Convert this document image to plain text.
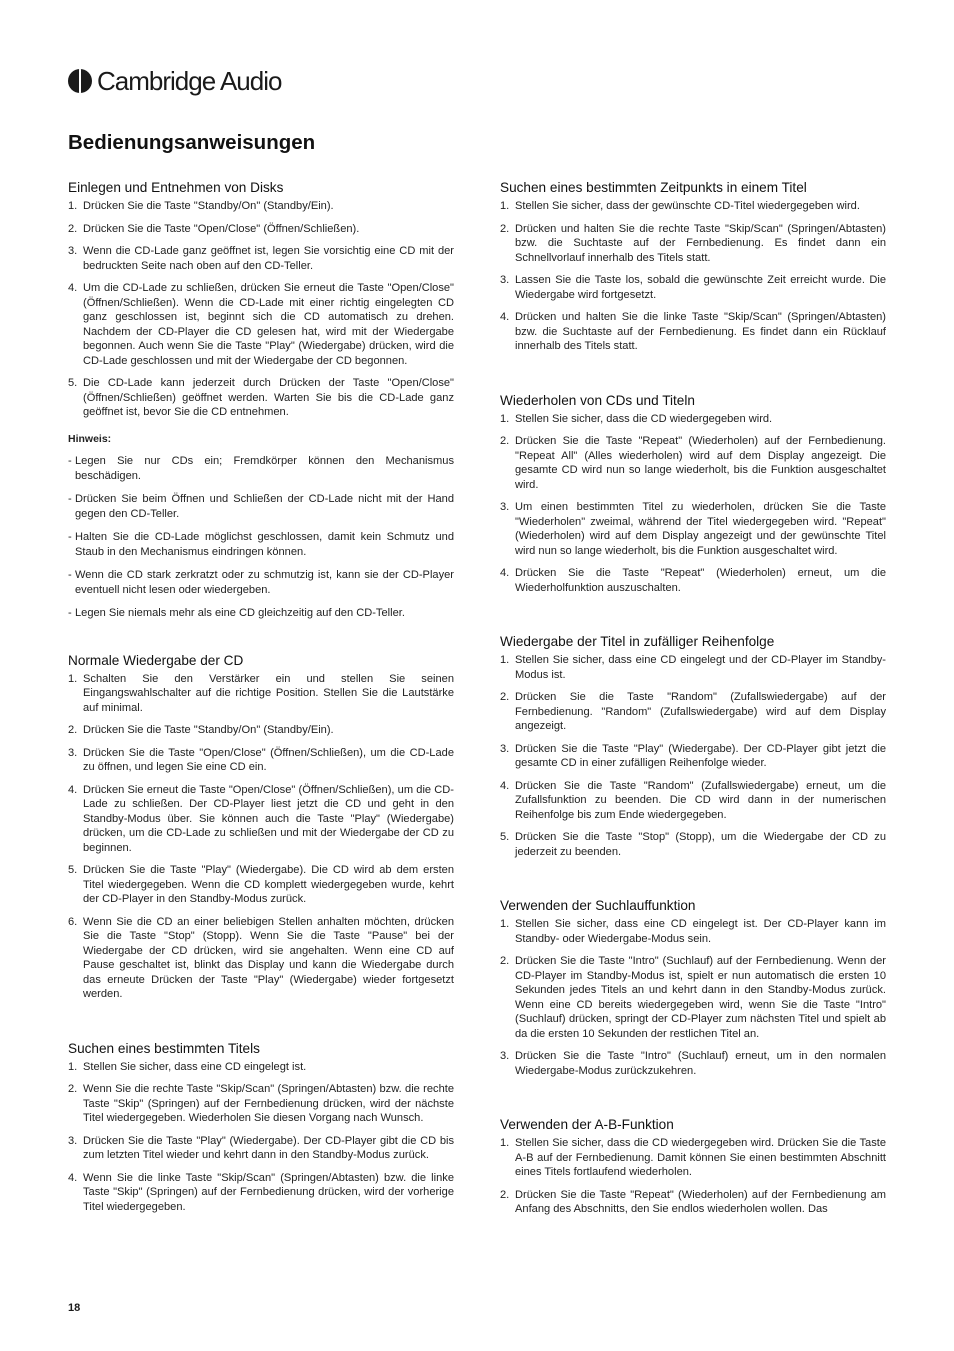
Cambridge Audio
Bedienungsanweisungen
Einlegen und Entnehmen von Disks
1. Drücken Sie die Taste "Standby/On" (Standby/Ein).
2. Drücken Sie die Taste "Open/Close" (Öffnen/Schließen).
3. Wenn die CD-Lade ganz geöffnet ist, legen Sie vorsichtig eine CD mit der bedruckten Seite nach oben auf den CD-Teller.
4. Um die CD-Lade zu schließen, drücken Sie erneut die Taste "Open/Close" (Öffnen/Schließen). Wenn die CD-Lade mit einer richtig eingelegten CD ganz geschlossen ist, beginnt sich die CD automatisch zu drehen. Nachdem der CD-Player die CD gelesen hat, wird mit der Wiedergabe begonnen. Auch wenn Sie die Taste "Play" (Wiedergabe) drücken, wird die CD-Lade geschlossen und mit der Wiedergabe der CD begonnen.
5. Die CD-Lade kann jederzeit durch Drücken der Taste "Open/Close" (Öffnen/Schließen) geöffnet werden. Warten Sie bis die CD-Lade ganz geöffnet ist, bevor Sie die CD entnehmen.
Hinweis:
- Legen Sie nur CDs ein; Fremdkörper können den Mechanismus beschädigen.
- Drücken Sie beim Öffnen und Schließen der CD-Lade nicht mit der Hand gegen den CD-Teller.
- Halten Sie die CD-Lade möglichst geschlossen, damit kein Schmutz und Staub in den Mechanismus eindringen können.
- Wenn die CD stark zerkratzt oder zu schmutzig ist, kann sie der CD-Player eventuell nicht lesen oder wiedergeben.
- Legen Sie niemals mehr als eine CD gleichzeitig auf den CD-Teller.
Normale Wiedergabe der CD
1. Schalten Sie den Verstärker ein und stellen Sie seinen Eingangswahlschalter auf die richtige Position. Stellen Sie die Lautstärke auf minimal.
2. Drücken Sie die Taste "Standby/On" (Standby/Ein).
3. Drücken Sie die Taste "Open/Close" (Öffnen/Schließen), um die CD-Lade zu öffnen, und legen Sie eine CD ein.
4. Drücken Sie erneut die Taste "Open/Close" (Öffnen/Schließen), um die CD-Lade zu schließen. Der CD-Player liest jetzt die CD und geht in den Standby-Modus über. Sie können auch die Taste "Play" (Wiedergabe) drücken, um die CD-Lade zu schließen und mit der Wiedergabe der CD zu beginnen.
5. Drücken Sie die Taste "Play" (Wiedergabe). Die CD wird ab dem ersten Titel wiedergegeben. Wenn die CD komplett wiedergegeben wurde, kehrt der CD-Player in den Standby-Modus zurück.
6. Wenn Sie die CD an einer beliebigen Stellen anhalten möchten, drücken Sie die Taste "Stop" (Stopp). Wenn Sie die Taste "Pause" bei der Wiedergabe der CD drücken, wird sie angehalten. Wenn eine CD auf Pause geschaltet ist, blinkt das Display und kann die Wiedergabe durch das erneute Drücken der Taste "Play" (Wiedergabe) wieder fortgesetzt werden.
Suchen eines bestimmten Titels
1. Stellen Sie sicher, dass eine CD eingelegt ist.
2. Wenn Sie die rechte Taste "Skip/Scan" (Springen/Abtasten) bzw. die rechte Taste "Skip" (Springen) auf der Fernbedienung drücken, wird der nächste Titel wiedergegeben. Wiederholen Sie diesen Vorgang nach Wunsch.
3. Drücken Sie die Taste "Play" (Wiedergabe). Der CD-Player gibt die CD bis zum letzten Titel wieder und kehrt dann in den Standby-Modus zurück.
4. Wenn Sie die linke Taste "Skip/Scan" (Springen/Abtasten) bzw. die linke Taste "Skip" (Springen) auf der Fernbedienung drücken, wird der vorherige Titel wiedergegeben.
Suchen eines bestimmten Zeitpunkts in einem Titel
1. Stellen Sie sicher, dass der gewünschte CD-Titel wiedergegeben wird.
2. Drücken und halten Sie die rechte Taste "Skip/Scan" (Springen/Abtasten) bzw. die Suchtaste auf der Fernbedienung. Es findet dann ein Schnellvorlauf innerhalb des Titels statt.
3. Lassen Sie die Taste los, sobald die gewünschte Zeit erreicht wurde. Die Wiedergabe wird fortgesetzt.
4. Drücken und halten Sie die linke Taste "Skip/Scan" (Springen/Abtasten) bzw. die Suchtaste auf der Fernbedienung. Es findet dann ein Rücklauf innerhalb des Titels statt.
Wiederholen von CDs und Titeln
1. Stellen Sie sicher, dass die CD wiedergegeben wird.
2. Drücken Sie die Taste "Repeat" (Wiederholen) auf der Fernbedienung. "Repeat All" (Alles wiederholen) wird auf dem Display angezeigt. Die gesamte CD wird nun so lange wiederholt, bis die Funktion ausgeschaltet wird.
3. Um einen bestimmten Titel zu wiederholen, drücken Sie die Taste "Wiederholen" zweimal, während der Titel wiedergegeben wird. "Repeat" (Wiederholen) wird auf dem Display angezeigt und der gewünschte Titel wird nun so lange wiederholt, bis die Funktion ausgeschaltet wird.
4. Drücken Sie die Taste "Repeat" (Wiederholen) erneut, um die Wiederholfunktion auszuschalten.
Wiedergabe der Titel in zufälliger Reihenfolge
1. Stellen Sie sicher, dass eine CD eingelegt und der CD-Player im Standby-Modus ist.
2. Drücken Sie die Taste "Random" (Zufallswiedergabe) auf der Fernbedienung. "Random" (Zufallswiedergabe) wird auf dem Display angezeigt.
3. Drücken Sie die Taste "Play" (Wiedergabe). Der CD-Player gibt jetzt die gesamte CD in einer zufälligen Reihenfolge wieder.
4. Drücken Sie die Taste "Random" (Zufallswiedergabe) erneut, um die Zufallsfunktion zu beenden. Die CD wird dann in der numerischen Reihenfolge bis zum Ende wiedergegeben.
5. Drücken Sie die Taste "Stop" (Stopp), um die Wiedergabe der CD zu jederzeit zu beenden.
Verwenden der Suchlauffunktion
1. Stellen Sie sicher, dass eine CD eingelegt ist. Der CD-Player kann im Standby- oder Wiedergabe-Modus sein.
2. Drücken Sie die Taste "Intro" (Suchlauf) auf der Fernbedienung. Wenn der CD-Player im Standby-Modus ist, spielt er nun automatisch die ersten 10 Sekunden jedes Titels an und kehrt dann in den Standby-Modus zurück. Wenn eine CD bereits wiedergegeben wird, wenn Sie die Taste "Intro" (Suchlauf) drücken, springt der CD-Player zum nächsten Titel und spielt ab da die ersten 10 Sekunden der restlichen Titel an.
3. Drücken Sie die Taste "Intro" (Suchlauf) erneut, um in den normalen Wiedergabe-Modus zurückzukehren.
Verwenden der A-B-Funktion
1. Stellen Sie sicher, dass die CD wiedergegeben wird. Drücken Sie die Taste A-B auf der Fernbedienung. Damit können Sie einen bestimmten Abschnitt eines Titels fortlaufend wiederholen.
2. Drücken Sie die Taste "Repeat" (Wiederholen) auf der Fernbedienung am Anfang des Abschnitts, den Sie endlos wiederholen wollen. Das
18
